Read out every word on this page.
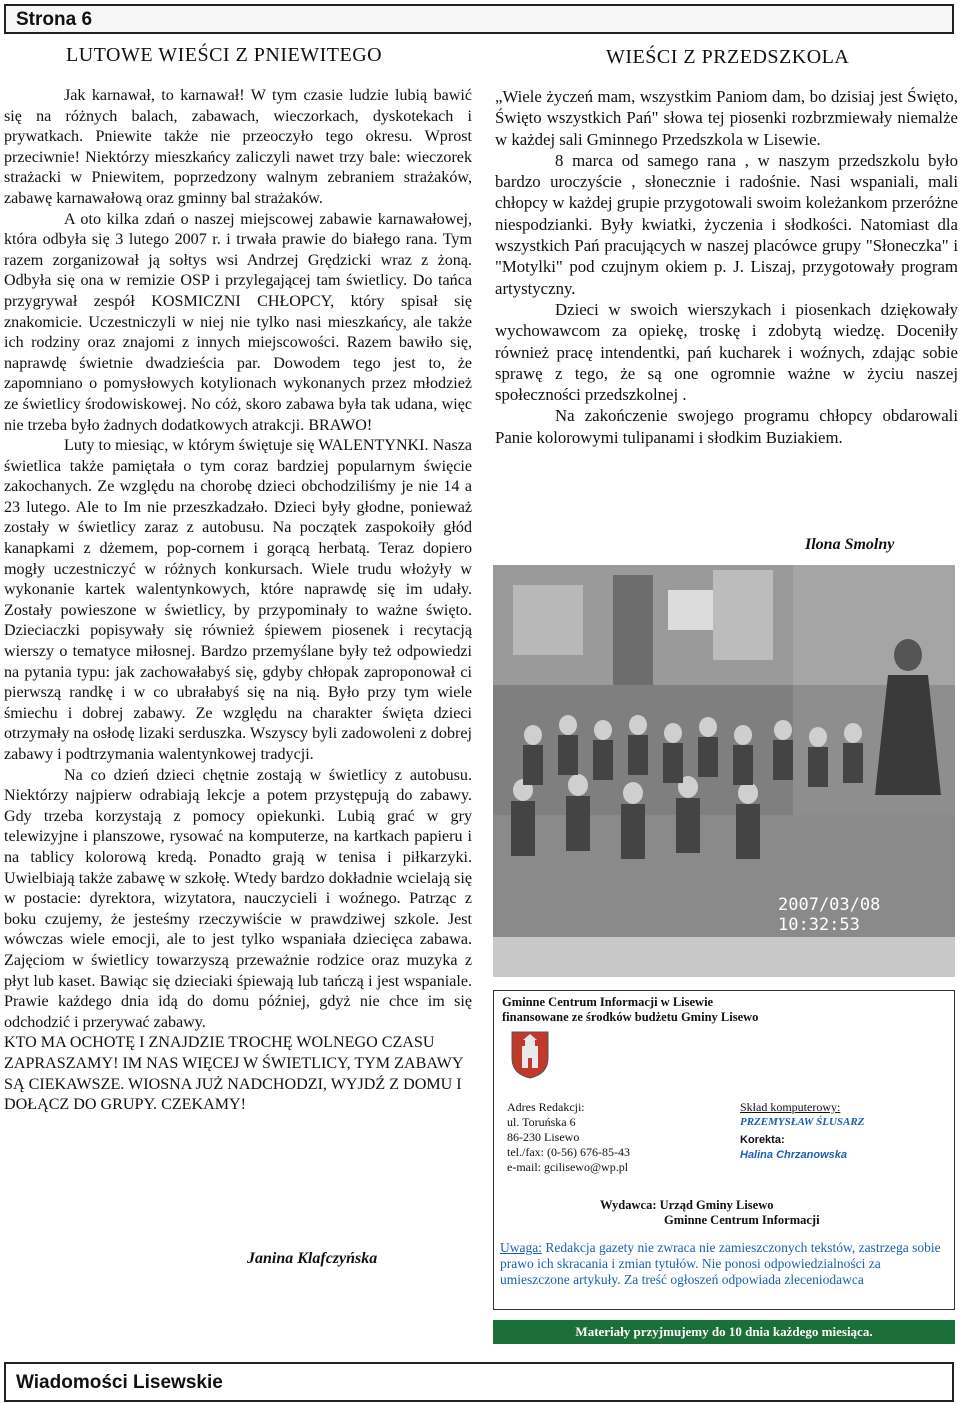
Strona 6
LUTOWE WIEŚCI Z PNIEWITEGO	WIEŚCI Z PRZEDSZKOLA

Jak karnawał, to karnawał! W tym czasie ludzie lubią bawić się na różnych balach, zabawach, wieczorkach, dyskotekach i prywatkach. Pniewite także nie przeoczyło tego okresu. Wprost przeciwnie! Niektórzy mieszkańcy zaliczyli nawet trzy bale: wieczorek strażacki w Pniewitem, poprzedzony walnym zebraniem strażaków, zabawę karnawałową oraz gminny bal strażaków.

A oto kilka zdań o naszej miejscowej zabawie karnawałowej, która odbyła się 3 lutego 2007 r. i trwała prawie do białego rana. Tym razem zorganizował ją sołtys wsi Andrzej Grędzicki wraz z żoną. Odbyła się ona w remizie OSP i przylegającej tam świetlicy. Do tańca przygrywał zespół KOSMICZNI CHŁOPCY, który spisał się znakomicie. Uczestniczyli w niej nie tylko nasi mieszkańcy, ale także ich rodziny oraz znajomi z innych miejscowości. Razem bawiło się, naprawdę świetnie dwadzieścia par. Dowodem tego jest to, że zapomniano o pomysłowych kotylionach wykonanych przez młodzież ze świetlicy środowiskowej. No cóż, skoro zabawa była tak udana, więc nie trzeba było żadnych dodatkowych atrakcji. BRAWO!

Luty to miesiąc, w którym świętuje się WALENTYNKI. Nasza świetlica także pamiętała o tym coraz bardziej popularnym święcie zakochanych. Ze względu na chorobę dzieci obchodziliśmy je nie 14 a 23 lutego. Ale to Im nie przeszkadzało. Dzieci były głodne, ponieważ zostały w świetlicy zaraz z autobusu. Na początek zaspokoiły głód kanapkami z dżemem, pop-cornem i gorącą herbatą. Teraz dopiero mogły uczestniczyć w różnych konkursach. Wiele trudu włożyły w wykonanie kartek walentynkowych, które naprawdę się im udały. Zostały powieszone w świetlicy, by przypominały to ważne święto. Dzieciaczki popisywały się również śpiewem piosenek i recytacją wierszy o tematyce miłosnej. Bardzo przemyślane były też odpowiedzi na pytania typu: jak zachowałabyś się, gdyby chłopak zaproponował ci pierwszą randkę i w co ubrałabyś się na nią. Było przy tym wiele śmiechu i dobrej zabawy. Ze względu na charakter święta dzieci otrzymały na osłodę lizaki serduszka. Wszyscy byli zadowoleni z dobrej zabawy i podtrzymania walentynkowej tradycji.

Na co dzień dzieci chętnie zostają w świetlicy z autobusu. Niektórzy najpierw odrabiają lekcje a potem przystępują do zabawy. Gdy trzeba korzystają z pomocy opiekunki. Lubią grać w gry telewizyjne i planszowe, rysować na komputerze, na kartkach papieru i na tablicy kolorową kredą. Ponadto grają w tenisa i piłkarzyki. Uwielbiają także zabawę w szkołę. Wtedy bardzo dokładnie wcielają się w postacie: dyrektora, wizytatora, nauczycieli i woźnego. Patrząc z boku czujemy, że jesteśmy rzeczywiście w prawdziwej szkole. Jest wówczas wiele emocji, ale to jest tylko wspaniała dziecięca zabawa. Zajęciom w świetlicy towarzyszą przeważnie rodzice oraz muzyka z płyt lub kaset. Bawiąc się dzieciaki śpiewają lub tańczą i jest wspaniale. Prawie każdego dnia idą do domu później, gdyż nie chce im się odchodzić i przerywać zabawy.

KTO MA OCHOTĘ I ZNAJDZIE TROCHĘ WOLNEGO CZASU ZAPRASZAMY! IM NAS WIĘCEJ W ŚWIETLICY, TYM ZABAWY SĄ CIEKAWSZE. WIOSNA JUŻ NADCHODZI, WYJDŹ Z DOMU I DOŁĄCZ DO GRUPY. CZEKAMY!

Janina Klafczyńska

„Wiele życzeń mam, wszystkim Paniom dam, bo dzisiaj jest Święto, Święto wszystkich Pań" słowa tej piosenki rozbrzmiewały niemalże w każdej sali Gminnego Przedszkola w Lisewie.

8 marca od samego rana , w naszym przedszkolu było bardzo uroczyście , słonecznie i radośnie. Nasi wspaniali, mali chłopcy w każdej grupie przygotowali swoim koleżankom przeróżne niespodzianki. Były kwiatki, życzenia i słodkości. Natomiast dla wszystkich Pań pracujących w naszej placówce grupy "Słoneczka" i "Motylki" pod czujnym okiem p. J. Liszaj, przygotowały program artystyczny.

Dzieci w swoich wierszykach i piosenkach dziękowały wychowawcom za opiekę, troskę i zdobytą wiedzę. Doceniły również pracę intendentki, pań kucharek i woźnych, zdając sobie sprawę z tego, że są one ogromnie ważne w życiu naszej społeczności przedszkolnej .

Na zakończenie swojego programu chłopcy obdarowali Panie kolorowymi tulipanami i słodkim Buziakiem.

Ilona Smolny
2007/03/08 10:32:53
Gminne Centrum Informacji w Lisewie
finansowane ze środków budżetu Gminy Lisewo
Adres Redakcji:
ul. Toruńska 6
86-230 Lisewo
tel./fax: (0-56) 676-85-43
e-mail: gcilisewo@wp.pl
Skład komputerowy:
PRZEMYSŁAW ŚLUSARZ
Korekta:
Halina Chrzanowska
Wydawca: Urząd Gminy Lisewo
Gminne Centrum Informacji
Uwaga: Redakcja gazety nie zwraca nie zamieszczonych tekstów, zastrzega sobie prawo ich skracania i zmian tytułów. Nie ponosi odpowiedzialności za umieszczone artykuły. Za treść ogłoszeń odpowiada zleceniodawca
Materiały przyjmujemy do 10 dnia każdego miesiąca.
Wiadomości Lisewskie
